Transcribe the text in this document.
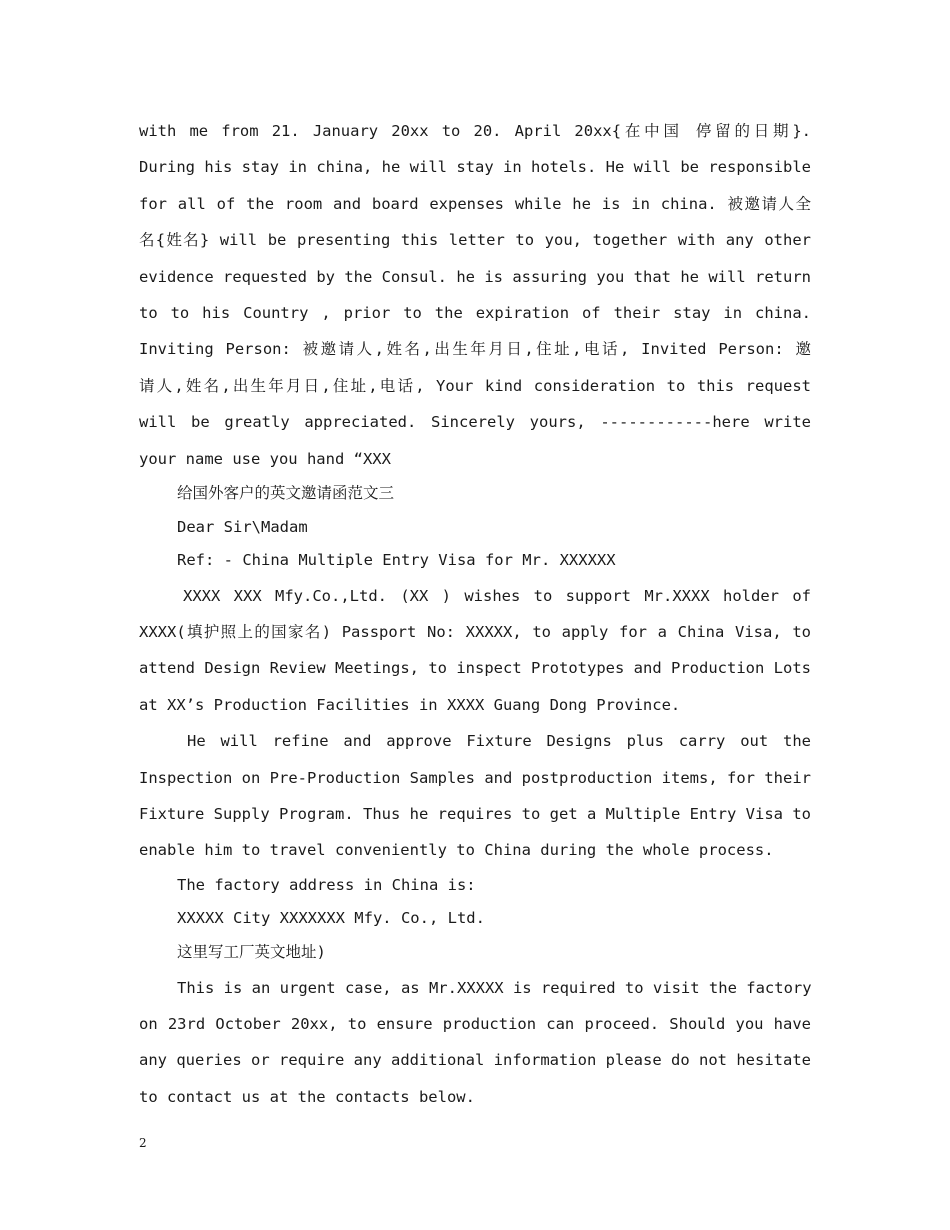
with me from 21. January 20xx to 20. April 20xx{在中国 停留的日期}.
During his stay in china, he will stay in hotels. He will be responsible
for all of the room and board expenses while he is in china. 被邀请人全
名{姓名} will be presenting this letter to you, together with any other
evidence requested by the Consul. he is assuring you that he will return
to to his Country , prior to the expiration of their stay in china.
Inviting Person: 被邀请人,姓名,出生年月日,住址,电话, Invited Person: 邀
请人,姓名,出生年月日,住址,电话, Your kind consideration to this request
will be greatly appreciated. Sincerely yours, ------------here write
your name use you hand “XXX
给国外客户的英文邀请函范文三
Dear Sir\Madam
Ref: - China Multiple Entry Visa for Mr. XXXXXX
XXXX XXX Mfy.Co.,Ltd. (XX ) wishes to support Mr.XXXX holder of
XXXX(填护照上的国家名) Passport No: XXXXX, to apply for a China Visa, to
attend Design Review Meetings, to inspect Prototypes and Production Lots
at XX’s Production Facilities in XXXX Guang Dong Province.
He will refine and approve Fixture Designs plus carry out the
Inspection on Pre-Production Samples and postproduction items, for their
Fixture Supply Program. Thus he requires to get a Multiple Entry Visa to
enable him to travel conveniently to China during the whole process.
The factory address in China is:
XXXXX City XXXXXXX Mfy. Co., Ltd.
这里写工厂英文地址)
This is an urgent case, as Mr.XXXXX is required to visit the factory
on 23rd October 20xx, to ensure production can proceed. Should you have
any queries or require any additional information please do not hesitate
to contact us at the contacts below.
2
